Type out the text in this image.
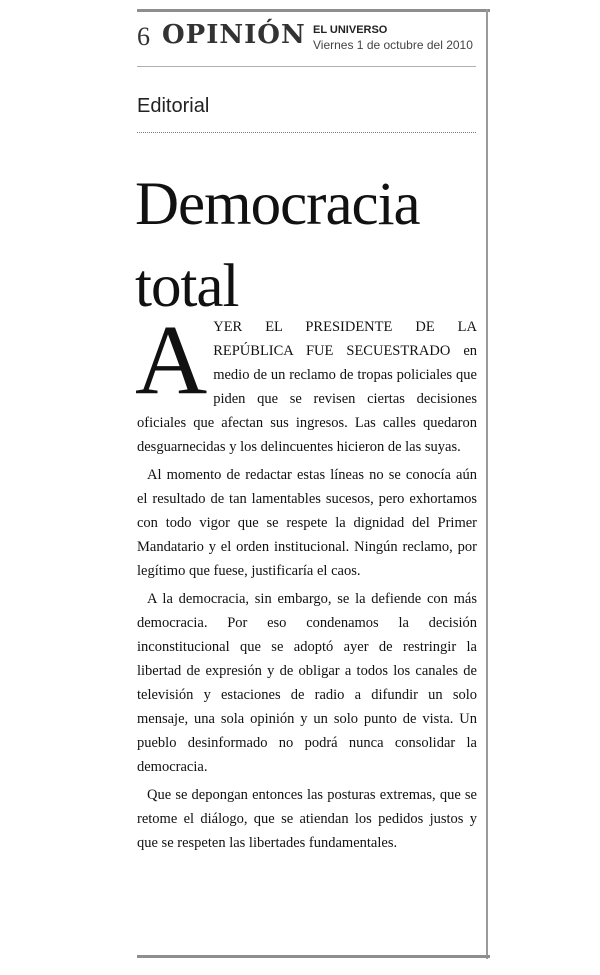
6 OPINIÓN EL UNIVERSO
Viernes 1 de octubre del 2010
Editorial
Democracia total

AYER EL PRESIDENTE DE LA REPÚBLICA FUE SECUESTRADO en medio de un reclamo de tropas policiales que piden que se revisen ciertas decisiones oficiales que afectan sus ingresos. Las calles quedaron desguarnecidas y los delincuentes hicieron de las suyas.

Al momento de redactar estas líneas no se conocía aún el resultado de tan lamentables sucesos, pero exhortamos con todo vigor que se respete la dignidad del Primer Mandatario y el orden institucional. Ningún reclamo, por legítimo que fuese, justificaría el caos.

A la democracia, sin embargo, se la defiende con más democracia. Por eso condenamos la decisión inconstitucional que se adoptó ayer de restringir la libertad de expresión y de obligar a todos los canales de televisión y estaciones de radio a difundir un solo mensaje, una sola opinión y un solo punto de vista. Un pueblo desinformado no podrá nunca consolidar la democracia.

Que se depongan entonces las posturas extremas, que se retome el diálogo, que se atiendan los pedidos justos y que se respeten las libertades fundamentales.
